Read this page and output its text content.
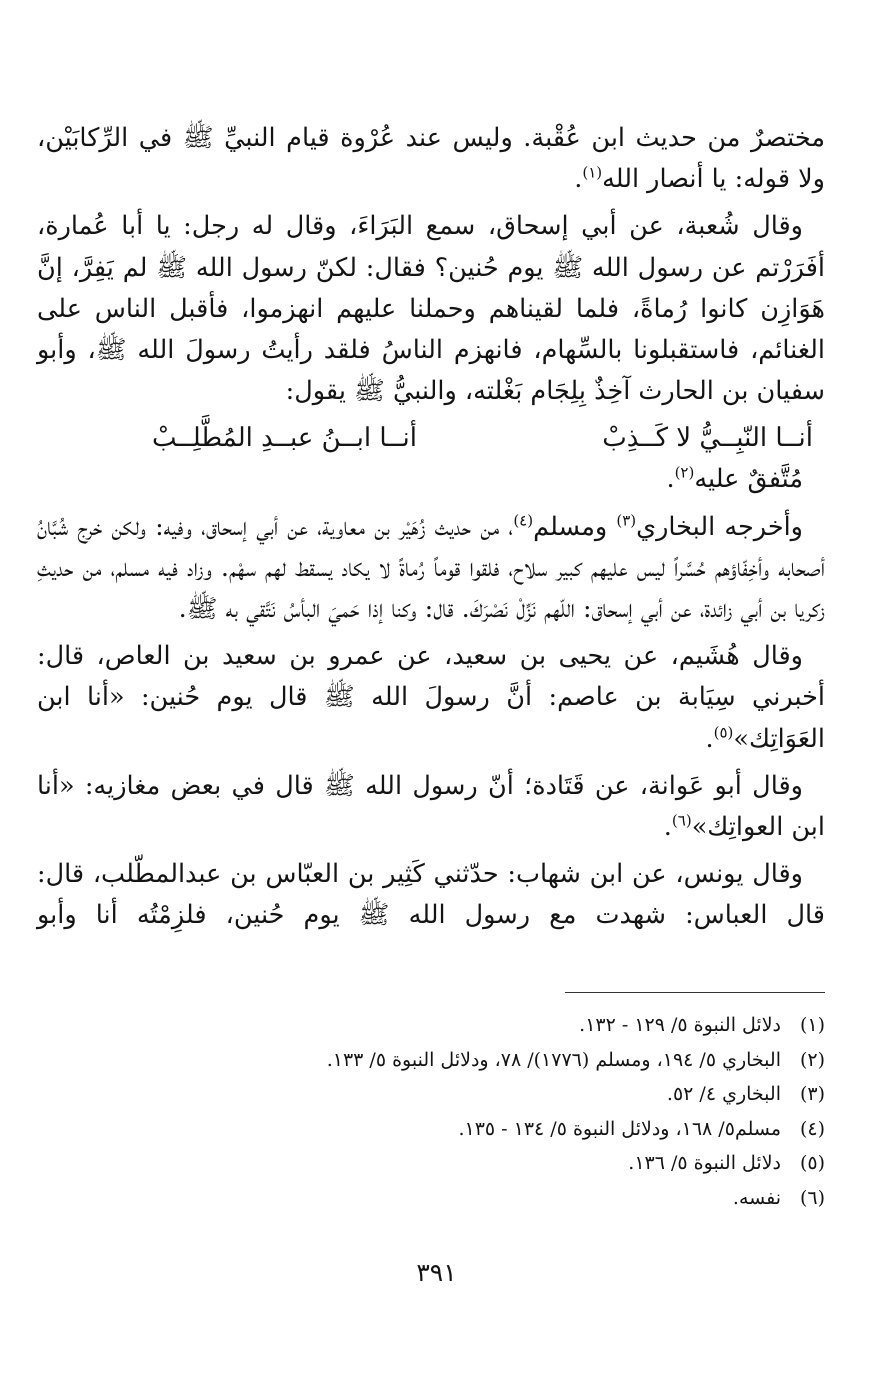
مختصرٌ من حديث ابن عُقْبة. وليس عند عُرْوة قيام النبيِّ ﷺ في الرِّكابَيْن، ولا قوله: يا أنصار الله$^{(١)}$.

وقال شُعبة، عن أبي إسحاق، سمع البَرَاءَ، وقال له رجل: يا أبا عُمارة، أفَرَرْتم عن رسول الله ﷺ يوم حُنين؟ فقال: لكنّ رسول الله ﷺ لم يَفِرَّ، إنَّ هَوَازِن كانوا رُماةً، فلما لقيناهم وحملنا عليهم انهزموا، فأقبل الناس على الغنائم، فاستقبلونا بالسِّهام، فانهزم الناسُ فلقد رأيتُ رسولَ الله ﷺ، وأبو سفيان بن الحارث آخِذٌ بِلِجَام بَغْلته، والنبيُّ ﷺ يقول:

أنــا النّبِــيُّ لا كَــذِبْ
أنــا ابــنُ عبــدِ المُطَّلِــبْ

مُتَّفقٌ عليه$^{(٢)}$.

وأخرجه البخاري$^{(٣)}$ ومسلم$^{(٤)}$، من حديث زُهَيْر بن معاوية، عن أبي إسحاق، وفيه: ولكن خرج شُبَّانُ أصحابه وأخِفّاؤهم حُسَّراً ليس عليهم كبير سلاح، فلقوا قوماً رُماةً لا يكاد يسقط لهم سهْم. وزاد فيه مسلم، من حديثِ زكريا بن أبي زائدة، عن أبي إسحاق: اللّهم نَزِّلْ نَصْرَكَ. قال: وكنا إذا حَميَ البأسُ نَتَّقي به ﷺ.

وقال هُشَيم، عن يحيى بن سعيد، عن عمرو بن سعيد بن العاص، قال: أخبرني سِيَابة بن عاصم: أنَّ رسولَ الله ﷺ قال يوم حُنين: «أنا ابن العَوَاتِك»$^{(٥)}$.

وقال أبو عَوانة، عن قَتَادة؛ أنّ رسول الله ﷺ قال في بعض مغازيه: «أنا ابن العواتِك»$^{(٦)}$.

وقال يونس، عن ابن شهاب: حدّثني كَثِير بن العبّاس بن عبدالمطّلب، قال: قال العباس: شهدت مع رسول الله ﷺ يوم حُنين، فلزِمْتُه أنا وأبو

(١)
دلائل النبوة ٥/ ١٢٩ - ١٣٢.
(٢)
البخاري ٥/ ١٩٤، ومسلم (١٧٧٦)/ ٧٨، ودلائل النبوة ٥/ ١٣٣.
(٣)
البخاري ٤/ ٥٢.
(٤)
مسلم٥/ ١٦٨، ودلائل النبوة ٥/ ١٣٤ - ١٣٥.
(٥)
دلائل النبوة ٥/ ١٣٦.
(٦)
نفسه.
٣٩١
